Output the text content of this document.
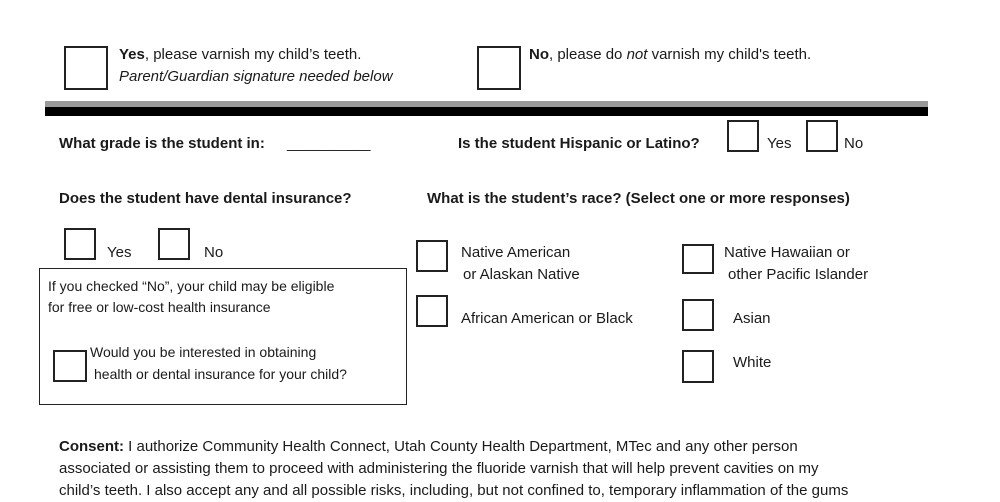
Yes, please varnish my child’s teeth.
Parent/Guardian signature needed below
No, please do not varnish my child's teeth.
What grade is the student in: __________	Is the student Hispanic or Latino?	Yes	No
Does the student have dental insurance?
Yes	No
If you checked “No”, your child may be eligible
for free or low-cost health insurance
Would you be interested in obtaining
health or dental insurance for your child?
What is the student’s race? (Select one or more responses)
Native American
or Alaskan Native
Native Hawaiian or
other Pacific Islander
African American or Black	Asian
White
Consent: I authorize Community Health Connect, Utah County Health Department, MTec and any other person
associated or assisting them to proceed with administering the fluoride varnish that will help prevent cavities on my
child’s teeth. I also accept any and all possible risks, including, but not confined to, temporary inflammation of the gums
